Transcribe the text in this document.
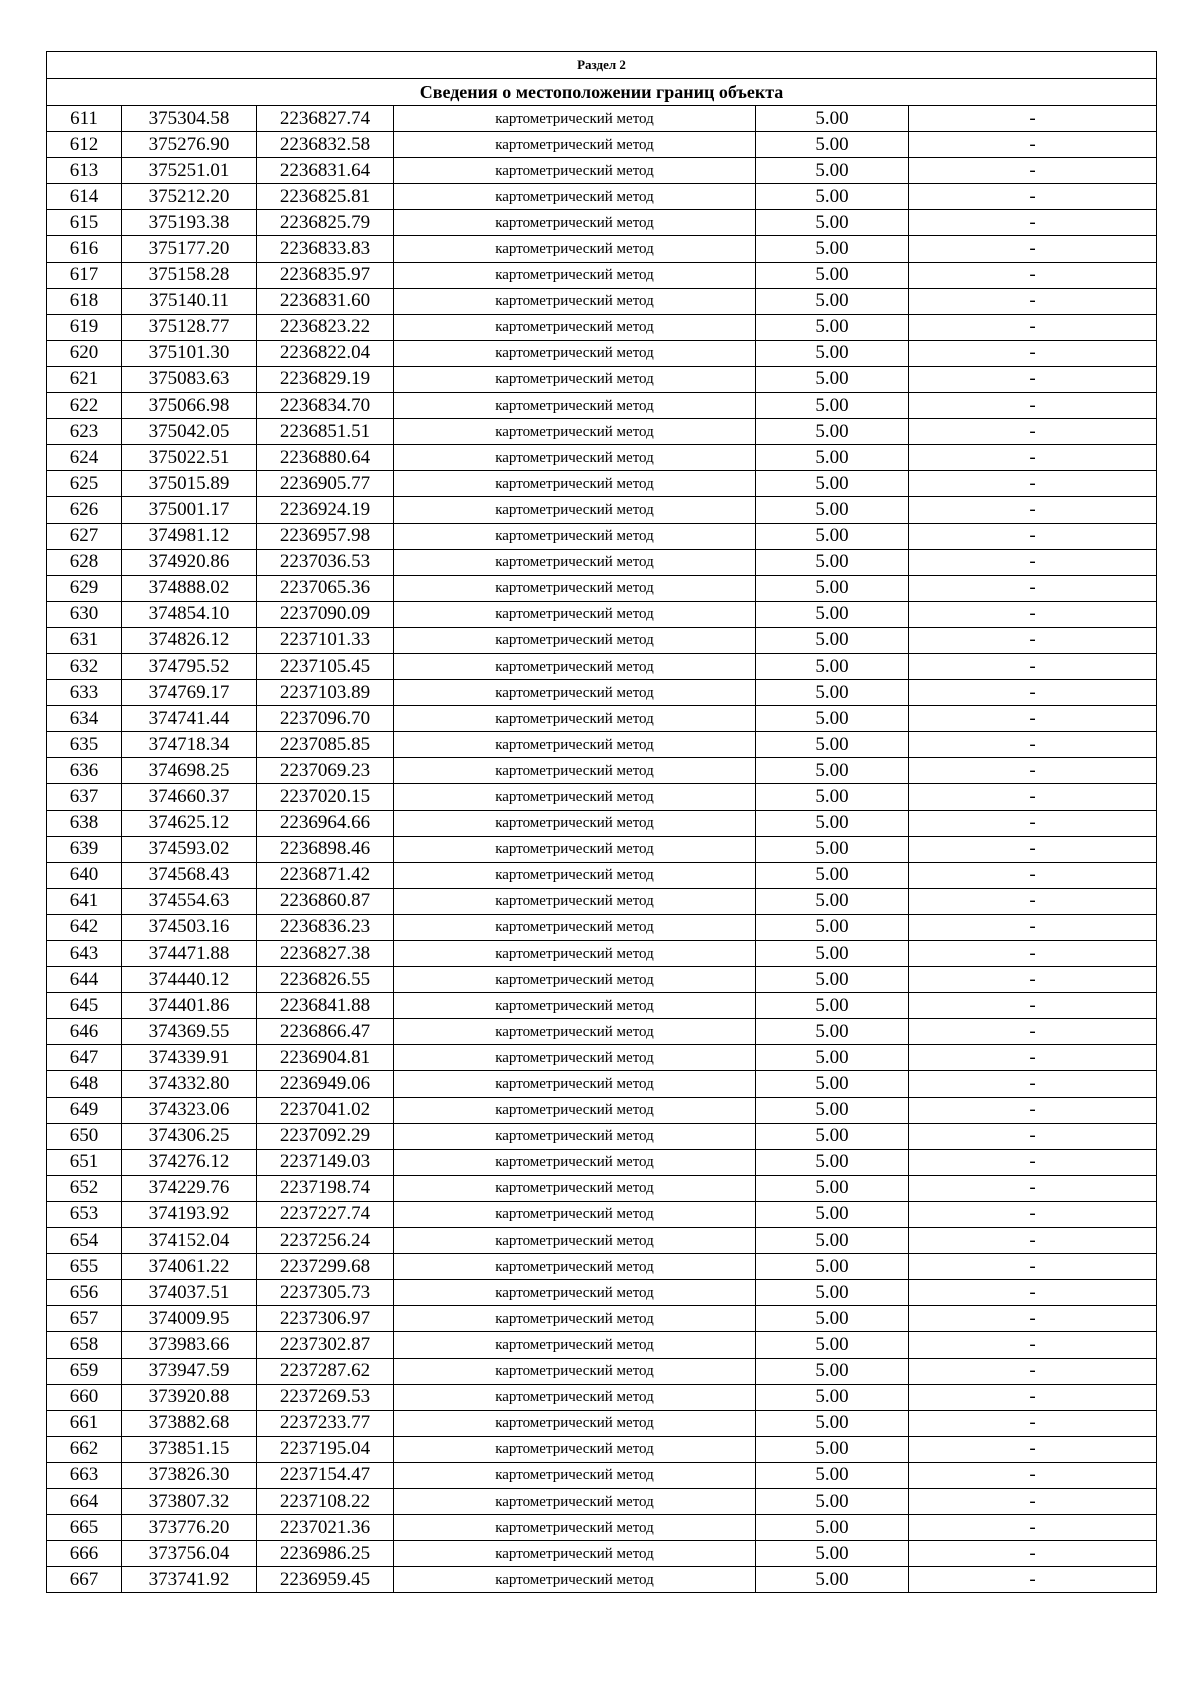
Раздел 2					
Сведения о местоположении границ объекта					
611	375304.58	2236827.74	картометрический метод	5.00	-
612	375276.90	2236832.58	картометрический метод	5.00	-
613	375251.01	2236831.64	картометрический метод	5.00	-
614	375212.20	2236825.81	картометрический метод	5.00	-
615	375193.38	2236825.79	картометрический метод	5.00	-
616	375177.20	2236833.83	картометрический метод	5.00	-
617	375158.28	2236835.97	картометрический метод	5.00	-
618	375140.11	2236831.60	картометрический метод	5.00	-
619	375128.77	2236823.22	картометрический метод	5.00	-
620	375101.30	2236822.04	картометрический метод	5.00	-
621	375083.63	2236829.19	картометрический метод	5.00	-
622	375066.98	2236834.70	картометрический метод	5.00	-
623	375042.05	2236851.51	картометрический метод	5.00	-
624	375022.51	2236880.64	картометрический метод	5.00	-
625	375015.89	2236905.77	картометрический метод	5.00	-
626	375001.17	2236924.19	картометрический метод	5.00	-
627	374981.12	2236957.98	картометрический метод	5.00	-
628	374920.86	2237036.53	картометрический метод	5.00	-
629	374888.02	2237065.36	картометрический метод	5.00	-
630	374854.10	2237090.09	картометрический метод	5.00	-
631	374826.12	2237101.33	картометрический метод	5.00	-
632	374795.52	2237105.45	картометрический метод	5.00	-
633	374769.17	2237103.89	картометрический метод	5.00	-
634	374741.44	2237096.70	картометрический метод	5.00	-
635	374718.34	2237085.85	картометрический метод	5.00	-
636	374698.25	2237069.23	картометрический метод	5.00	-
637	374660.37	2237020.15	картометрический метод	5.00	-
638	374625.12	2236964.66	картометрический метод	5.00	-
639	374593.02	2236898.46	картометрический метод	5.00	-
640	374568.43	2236871.42	картометрический метод	5.00	-
641	374554.63	2236860.87	картометрический метод	5.00	-
642	374503.16	2236836.23	картометрический метод	5.00	-
643	374471.88	2236827.38	картометрический метод	5.00	-
644	374440.12	2236826.55	картометрический метод	5.00	-
645	374401.86	2236841.88	картометрический метод	5.00	-
646	374369.55	2236866.47	картометрический метод	5.00	-
647	374339.91	2236904.81	картометрический метод	5.00	-
648	374332.80	2236949.06	картометрический метод	5.00	-
649	374323.06	2237041.02	картометрический метод	5.00	-
650	374306.25	2237092.29	картометрический метод	5.00	-
651	374276.12	2237149.03	картометрический метод	5.00	-
652	374229.76	2237198.74	картометрический метод	5.00	-
653	374193.92	2237227.74	картометрический метод	5.00	-
654	374152.04	2237256.24	картометрический метод	5.00	-
655	374061.22	2237299.68	картометрический метод	5.00	-
656	374037.51	2237305.73	картометрический метод	5.00	-
657	374009.95	2237306.97	картометрический метод	5.00	-
658	373983.66	2237302.87	картометрический метод	5.00	-
659	373947.59	2237287.62	картометрический метод	5.00	-
660	373920.88	2237269.53	картометрический метод	5.00	-
661	373882.68	2237233.77	картометрический метод	5.00	-
662	373851.15	2237195.04	картометрический метод	5.00	-
663	373826.30	2237154.47	картометрический метод	5.00	-
664	373807.32	2237108.22	картометрический метод	5.00	-
665	373776.20	2237021.36	картометрический метод	5.00	-
666	373756.04	2236986.25	картометрический метод	5.00	-
667	373741.92	2236959.45	картометрический метод	5.00	-
